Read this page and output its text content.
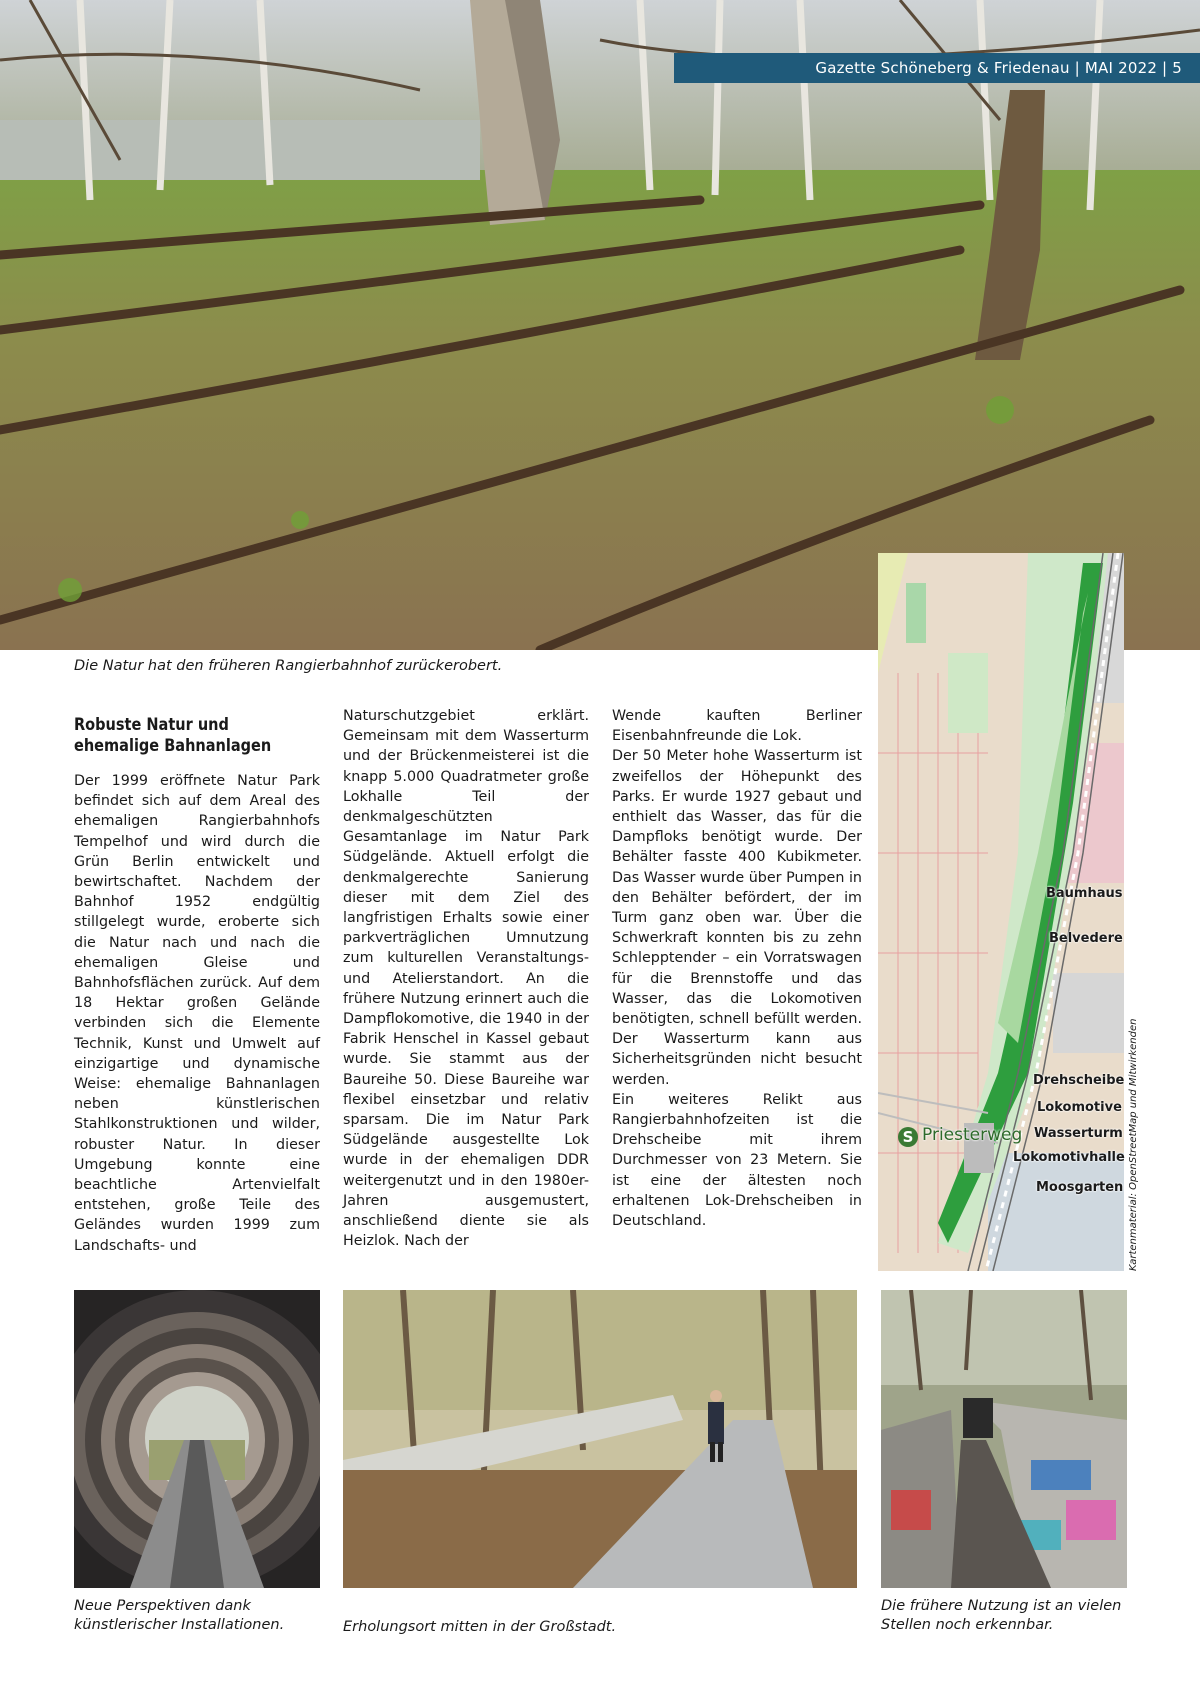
Gazette Schöneberg & Friedenau | MAI 2022 | 5
Die Natur hat den früheren Rangierbahnhof zurückerobert.
Robuste Natur und
ehemalige Bahnanlagen

Der 1999 eröffnete Natur Park befindet sich auf dem Areal des ehemaligen Rangierbahnhofs Tempelhof und wird durch die Grün Berlin entwickelt und bewirtschaftet. Nachdem der Bahnhof 1952 endgültig stillgelegt wurde, eroberte sich die Natur nach und nach die ehemaligen Gleise und Bahnhofsflächen zurück. Auf dem 18 Hektar großen Gelände verbinden sich die Elemente Technik, Kunst und Umwelt auf einzigartige und dynamische Weise: ehemalige Bahnanlagen neben künstlerischen Stahlkonstruktionen und wilder, robuster Natur. In dieser Umgebung konnte eine beachtliche Artenvielfalt entstehen, große Teile des Geländes wurden 1999 zum Landschafts- und

Naturschutzgebiet erklärt. Gemeinsam mit dem Wasserturm und der Brückenmeisterei ist die knapp 5.000 Quadratmeter große Lokhalle Teil der denkmalgeschützten Gesamtanlage im Natur Park Südgelände. Aktuell erfolgt die denkmalgerechte Sanierung dieser mit dem Ziel des langfristigen Erhalts sowie einer parkverträglichen Umnutzung zum kulturellen Veranstaltungs- und Atelierstandort. An die frühere Nutzung erinnert auch die Dampflokomotive, die 1940 in der Fabrik Henschel in Kassel gebaut wurde. Sie stammt aus der Baureihe 50. Diese Baureihe war flexibel einsetzbar und relativ sparsam. Die im Natur Park Südgelände ausgestellte Lok wurde in der ehemaligen DDR weitergenutzt und in den 1980er-Jahren ausgemustert, anschließend diente sie als Heizlok. Nach der

Wende kauften Berliner Eisenbahnfreunde die Lok.

Der 50 Meter hohe Wasserturm ist zweifellos der Höhepunkt des Parks. Er wurde 1927 gebaut und enthielt das Wasser, das für die Dampfloks benötigt wurde. Der Behälter fasste 400 Kubikmeter. Das Wasser wurde über Pumpen in den Behälter befördert, der im Turm ganz oben war. Über die Schwerkraft konnten bis zu zehn Schlepptender – ein Vorratswagen für die Brennstoffe und das Wasser, das die Lokomotiven benötigten, schnell befüllt werden. Der Wasserturm kann aus Sicherheitsgründen nicht besucht werden.

Ein weiteres Relikt aus Rangierbahnhofzeiten ist die Drehscheibe mit ihrem Durchmesser von 23 Metern. Sie ist eine der ältesten noch erhaltenen Lok-Drehscheiben in Deutschland.

Baumhaus
Belvedere
Drehscheibe
Lokomotive
Wasserturm
Lokomotivhalle
Moosgarten
S Priesterweg	Kartenmaterial: OpenStreetMap und Mitwirkenden
Neue Perspektiven dank künstlerischer Installationen.	Erholungsort mitten in der Großstadt.
Die frühere Nutzung ist an vielen Stellen noch erkennbar.
